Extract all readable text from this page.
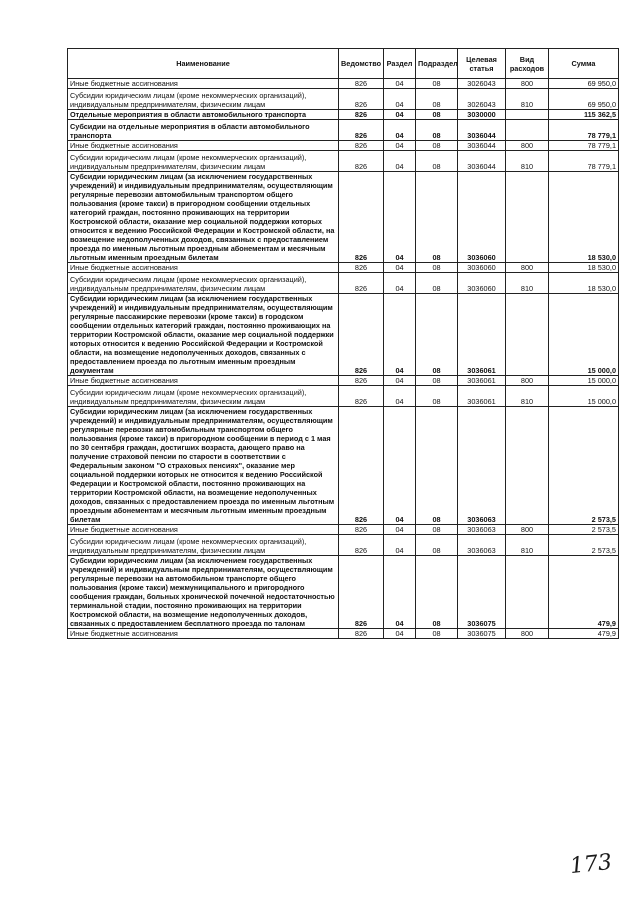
Наименование	Ведомство	Раздел	Подраздел	Целевая статья	Вид расходов	Сумма
Иные бюджетные ассигнования	826	04	08	3026043	800	69 950,0
Субсидии юридическим лицам (кроме некоммерческих организаций), индивидуальным предпринимателям, физическим лицам	826	04	08	3026043	810	69 950,0
Отдельные мероприятия в области автомобильного транспорта	826	04	08	3030000		115 362,5
Субсидии на отдельные мероприятия в области автомобильного транспорта	826	04	08	3036044		78 779,1
Иные бюджетные ассигнования	826	04	08	3036044	800	78 779,1
Субсидии юридическим лицам (кроме некоммерческих организаций), индивидуальным предпринимателям, физическим лицам	826	04	08	3036044	810	78 779,1
Субсидии юридическим лицам (за исключением государственных учреждений) и индивидуальным предпринимателям, осуществляющим регулярные перевозки автомобильным транспортом общего пользования (кроме такси) в пригородном сообщении отдельных категорий граждан, постоянно проживающих на территории Костромской области, оказание мер социальной поддержки которых относится к ведению Российской Федерации и Костромской области, на возмещение недополученных доходов, связанных с предоставлением проезда по именным льготным проездным абонементам и месячным льготным именным проездным билетам	826	04	08	3036060		18 530,0
Иные бюджетные ассигнования	826	04	08	3036060	800	18 530,0
Субсидии юридическим лицам (кроме некоммерческих организаций), индивидуальным предпринимателям, физическим лицам	826	04	08	3036060	810	18 530,0
Субсидии юридическим лицам (за исключением государственных учреждений) и индивидуальным предпринимателям, осуществляющим регулярные пассажирские перевозки (кроме такси) в городском сообщении отдельных категорий граждан, постоянно проживающих на территории Костромской области, оказание мер социальной поддержки которых относится к ведению Российской Федерации и Костромской области, на возмещение недополученных доходов, связанных с предоставлением проезда по льготным именным проездным документам	826	04	08	3036061		15 000,0
Иные бюджетные ассигнования	826	04	08	3036061	800	15 000,0
Субсидии юридическим лицам (кроме некоммерческих организаций), индивидуальным предпринимателям, физическим лицам	826	04	08	3036061	810	15 000,0
Субсидии юридическим лицам (за исключением государственных учреждений) и индивидуальным предпринимателям, осуществляющим регулярные перевозки автомобильным транспортом общего пользования (кроме такси) в пригородном сообщении в период с 1 мая по 30 сентября граждан, достигших возраста, дающего право на получение страховой пенсии по старости в соответствии с Федеральным законом "О страховых пенсиях", оказание мер социальной поддержки которых не относится к ведению Российской Федерации и Костромской области, постоянно проживающих на территории Костромской области, на возмещение недополученных доходов, связанных с предоставлением проезда по именным льготным проездным абонементам и месячным льготным именным проездным билетам	826	04	08	3036063		2 573,5
Иные бюджетные ассигнования	826	04	08	3036063	800	2 573,5
Субсидии юридическим лицам (кроме некоммерческих организаций), индивидуальным предпринимателям, физическим лицам	826	04	08	3036063	810	2 573,5
Субсидии юридическим лицам (за исключением государственных учреждений) и индивидуальным предпринимателям, осуществляющим регулярные перевозки на автомобильном транспорте общего пользования (кроме такси) межмуниципального и пригородного сообщения граждан, больных хронической почечной недостаточностью терминальной стадии, постоянно проживающих на территории Костромской области, на возмещение недополученных доходов, связанных с предоставлением бесплатного проезда по талонам	826	04	08	3036075		479,9
Иные бюджетные ассигнования	826	04	08	3036075	800	479,9
173
